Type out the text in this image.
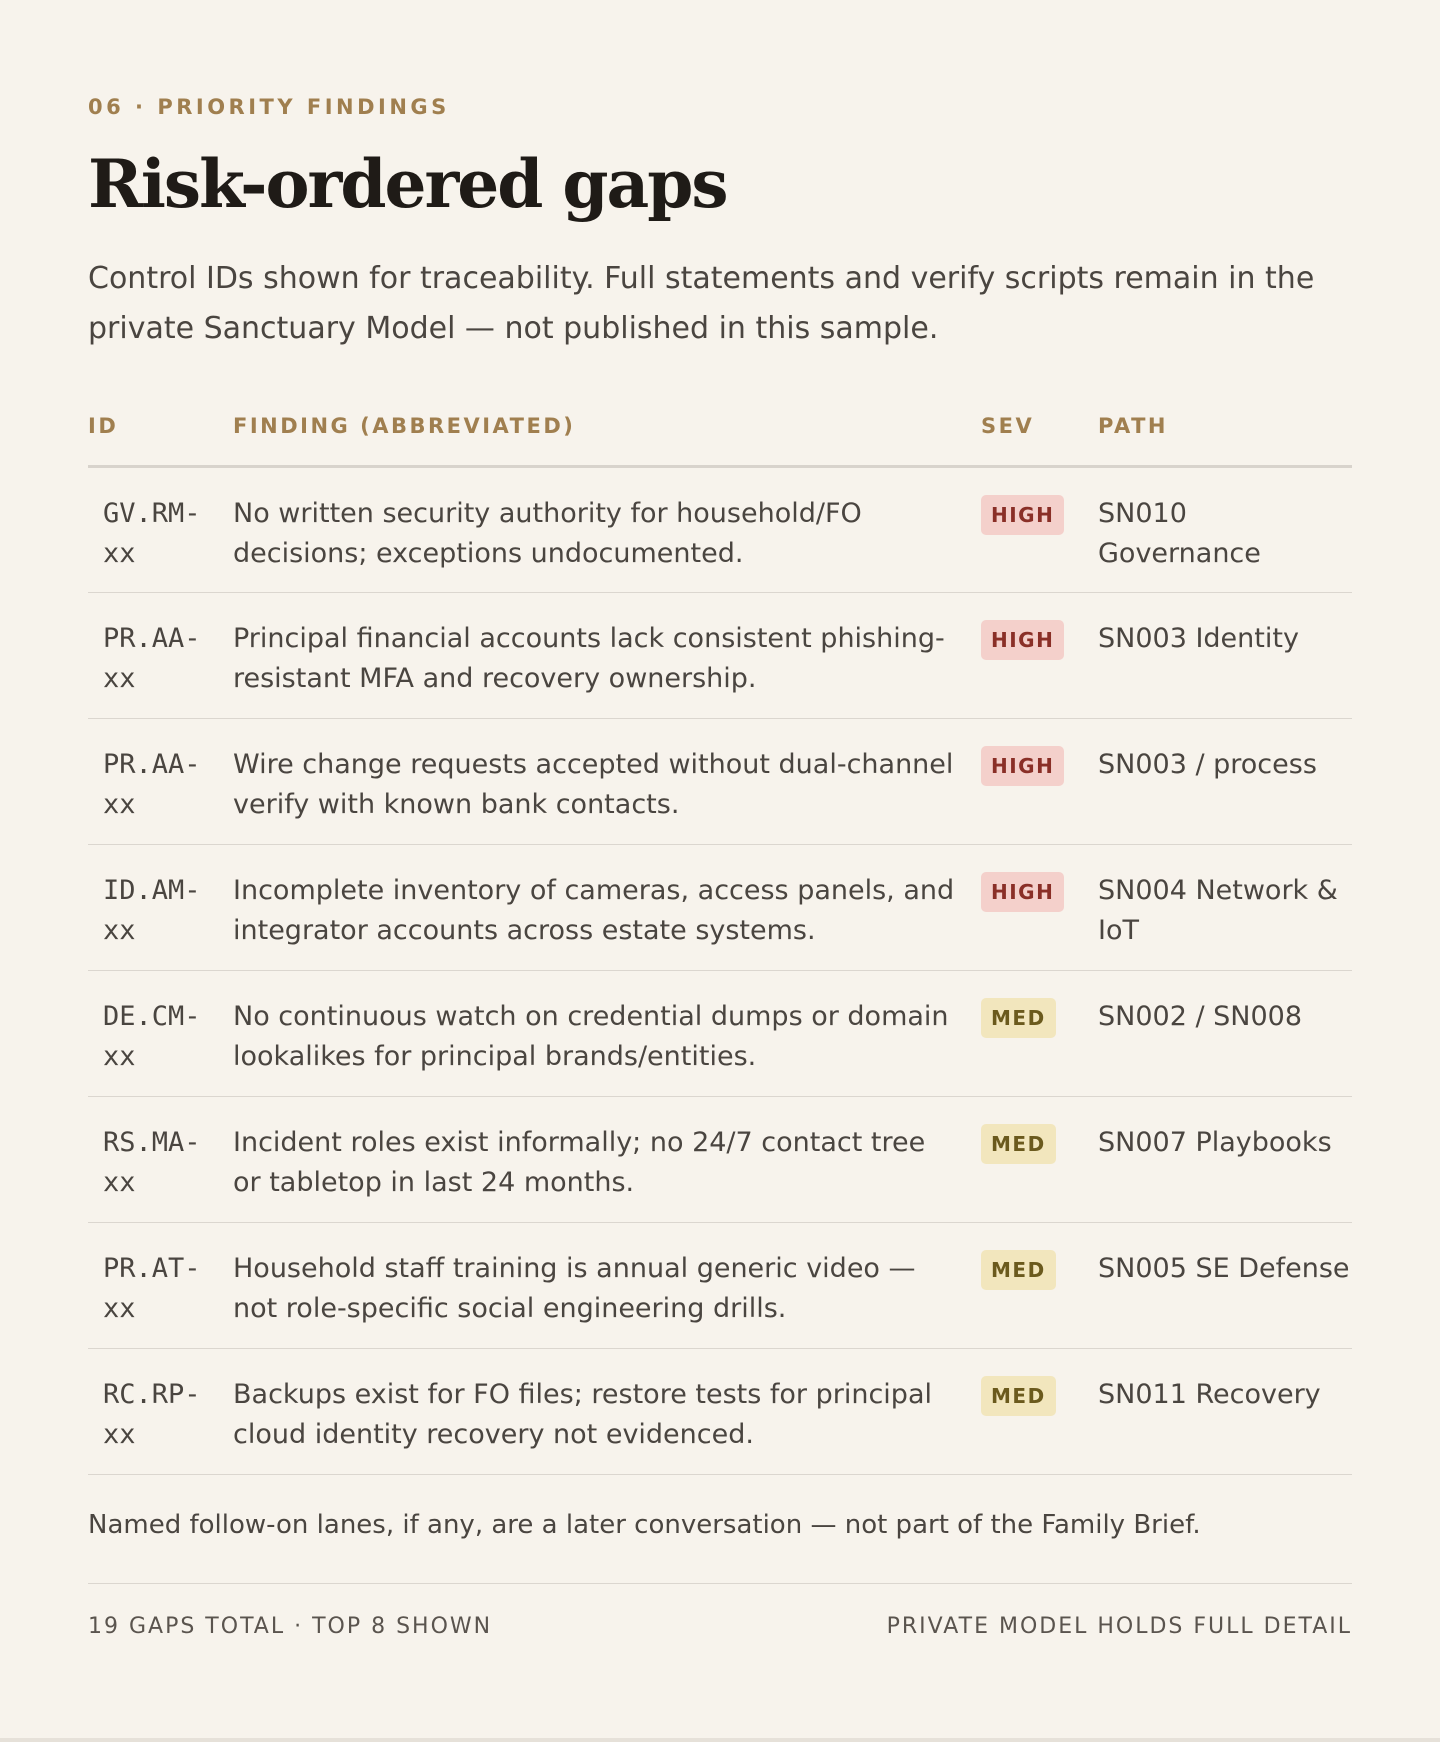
06 · PRIORITY FINDINGS
Risk-ordered gaps

Control IDs shown for traceability. Full statements and verify scripts remain in the private Sanctuary Model — not published in this sample.

ID	FINDING (ABBREVIATED)	SEV	PATH
GV.RM-xx	No written security authority for household/FO decisions; exceptions undocumented.	HIGH	SN010 Governance
PR.AA-xx	Principal financial accounts lack consistent phishing-resistant MFA and recovery ownership.	HIGH	SN003 Identity
PR.AA-xx	Wire change requests accepted without dual-channel verify with known bank contacts.	HIGH	SN003 / process
ID.AM-xx	Incomplete inventory of cameras, access panels, and integrator accounts across estate systems.	HIGH	SN004 Network & IoT
DE.CM-xx	No continuous watch on credential dumps or domain lookalikes for principal brands/entities.	MED	SN002 / SN008
RS.MA-xx	Incident roles exist informally; no 24/7 contact tree or tabletop in last 24 months.	MED	SN007 Playbooks
PR.AT-xx	Household staff training is annual generic video — not role-specific social engineering drills.	MED	SN005 SE Defense
RC.RP-xx	Backups exist for FO files; restore tests for principal cloud identity recovery not evidenced.	MED	SN011 Recovery

Named follow-on lanes, if any, are a later conversation — not part of the Family Brief.

19 GAPS TOTAL · TOP 8 SHOWN	PRIVATE MODEL HOLDS FULL DETAIL
